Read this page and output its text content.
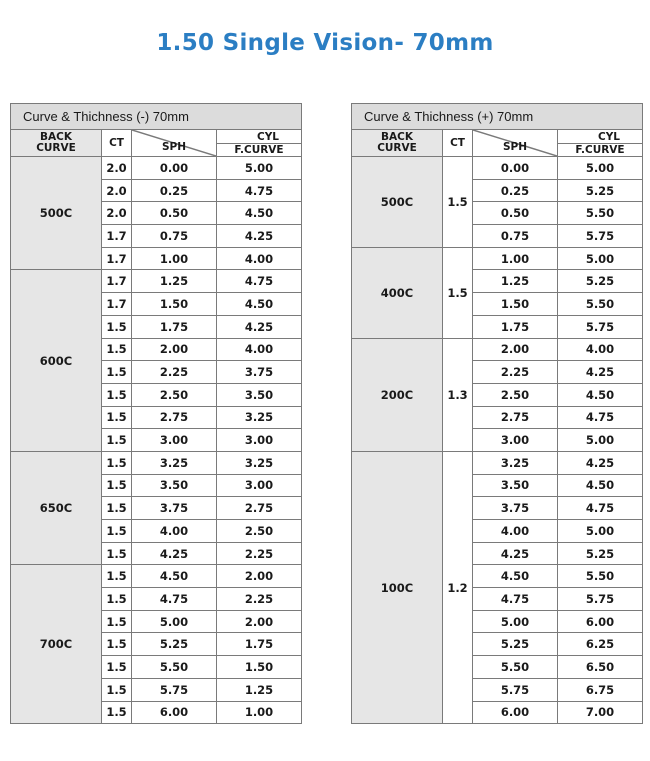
1.50 Single Vision- 70mm
Curve & Thichness (-) 70mm			
BACK
CURVE	CT	SPH	CYL
F.CURVE

500C	2.0	0.00	5.00
	2.0	0.25	4.75
	2.0	0.50	4.50
	1.7	0.75	4.25
	1.7	1.00	4.00
600C	1.7	1.25	4.75
	1.7	1.50	4.50
	1.5	1.75	4.25
	1.5	2.00	4.00
	1.5	2.25	3.75
	1.5	2.50	3.50
	1.5	2.75	3.25
	1.5	3.00	3.00
650C	1.5	3.25	3.25
	1.5	3.50	3.00
	1.5	3.75	2.75
	1.5	4.00	2.50
	1.5	4.25	2.25
700C	1.5	4.50	2.00
	1.5	4.75	2.25
	1.5	5.00	2.00
	1.5	5.25	1.75
	1.5	5.50	1.50
	1.5	5.75	1.25
	1.5	6.00	1.00
Curve & Thichness (+) 70mm			
BACK
CURVE	CT	SPH	CYL
F.CURVE

500C	1.5	0.00	5.00
		0.25	5.25
		0.50	5.50
		0.75	5.75
400C	1.5	1.00	5.00
		1.25	5.25
		1.50	5.50
		1.75	5.75
200C	1.3	2.00	4.00
		2.25	4.25
		2.50	4.50
		2.75	4.75
		3.00	5.00
100C	1.2	3.25	4.25
		3.50	4.50
		3.75	4.75
		4.00	5.00
		4.25	5.25
		4.50	5.50
		4.75	5.75
		5.00	6.00
		5.25	6.25
		5.50	6.50
		5.75	6.75
		6.00	7.00
